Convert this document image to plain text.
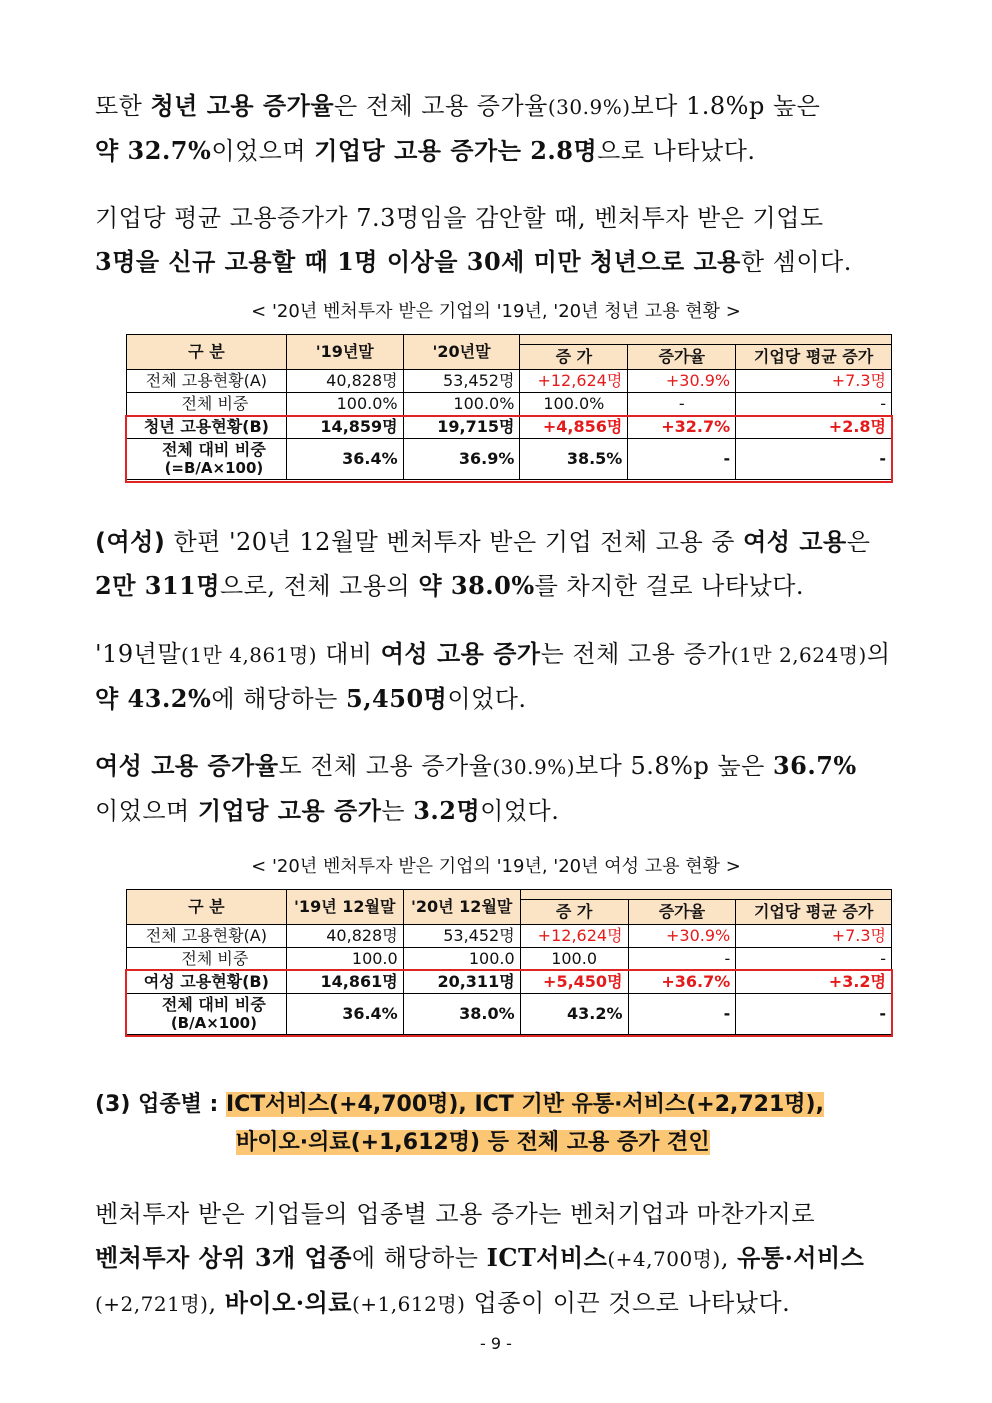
또한 청년 고용 증가율은 전체 고용 증가율(30.9%)보다 1.8%p 높은
약 32.7%이었으며 기업당 고용 증가는 2.8명으로 나타났다.
기업당 평균 고용증가가 7.3명임을 감안할 때, 벤처투자 받은 기업도
3명을 신규 고용할 때 1명 이상을 30세 미만 청년으로 고용한 셈이다.
< '20년 벤처투자 받은 기업의 '19년, '20년 청년 고용 현황 >
구 분	'19년말	'20년말			
			증 가	증가율	기업당 평균 증가
전체 고용현황(A)	40,828명	53,452명	+12,624명	+30.9%	+7.3명
전체 비중	100.0%	100.0%	100.0%	-	-
청년 고용현황(B)	14,859명	19,715명	+4,856명	+32.7%	+2.8명

전체 대비 비중
(=B/A×100)	36.4%	36.9%	38.5%	-	-
(여성) 한편 '20년 12월말 벤처투자 받은 기업 전체 고용 중 여성 고용은
2만 311명으로, 전체 고용의 약 38.0%를 차지한 걸로 나타났다.
'19년말(1만 4,861명) 대비 여성 고용 증가는 전체 고용 증가(1만 2,624명)의
약 43.2%에 해당하는 5,450명이었다.
여성 고용 증가율도 전체 고용 증가율(30.9%)보다 5.8%p 높은 36.7%
이었으며 기업당 고용 증가는 3.2명이었다.
< '20년 벤처투자 받은 기업의 '19년, '20년 여성 고용 현황 >
구 분	'19년 12월말	'20년 12월말			
			증 가	증가율	기업당 평균 증가
전체 고용현황(A)	40,828명	53,452명	+12,624명	+30.9%	+7.3명
전체 비중	100.0	100.0	100.0	-	-
여성 고용현황(B)	14,861명	20,311명	+5,450명	+36.7%	+3.2명

전체 대비 비중
(B/A×100)	36.4%	38.0%	43.2%	-	-
(3) 업종별 : ICT서비스(+4,700명), ICT 기반 유통·서비스(+2,721명),
바이오·의료(+1,612명) 등 전체 고용 증가 견인
벤처투자 받은 기업들의 업종별 고용 증가는 벤처기업과 마찬가지로
벤처투자 상위 3개 업종에 해당하는 ICT서비스(+4,700명), 유통·서비스
(+2,721명), 바이오·의료(+1,612명) 업종이 이끈 것으로 나타났다.
- 9 -
